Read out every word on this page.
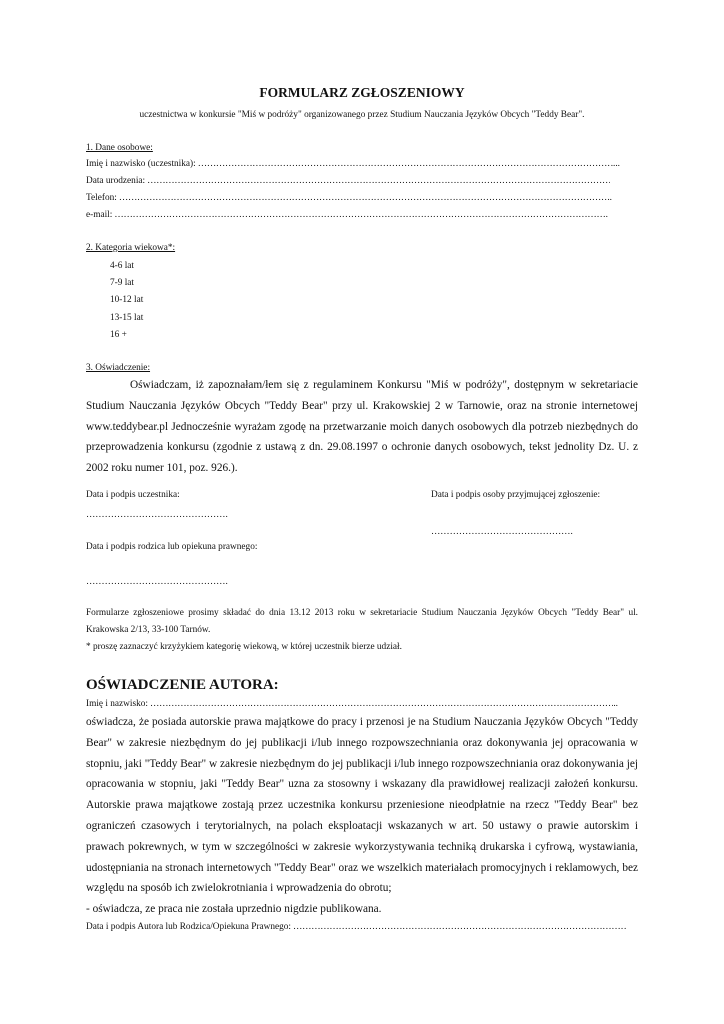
FORMULARZ ZGŁOSZENIOWY
uczestnictwa w konkursie "Miś w podróży" organizowanego przez Studium Nauczania Języków Obcych "Teddy Bear".
1. Dane osobowe:
Imię i nazwisko (uczestnika): ……………………………………………………………………………………………………………………………………………………………………………………………………………………………………………………………………………………………………………………………………………………	....
Data urodzenia:
……………………………………………………………………………………………………………………………………………………………………………………………………………………………………………………………………………………………………………………………………………………
Telefon: ……………………………………………………………………………………………………………………………………………………………………………………………………………………………………………………………………………………………………………………………………………………	..
e-mail: ……………………………………………………………………………………………………………………………………………………………………………………………………………………………………………………………………………………………………………………………………………………	.
2. Kategoria wiekowa*:
4-6 lat
7-9 lat
10-12 lat
13-15 lat
16 +
3. Oświadczenie:

Oświadczam, iż zapoznałam/łem się z regulaminem Konkursu "Miś w podróży", dostępnym w sekretariacie Studium Nauczania Języków Obcych "Teddy Bear" przy ul. Krakowskiej 2 w Tarnowie, oraz na stronie internetowej www.teddybear.pl Jednocześnie wyrażam zgodę na przetwarzanie moich danych osobowych dla potrzeb niezbędnych do przeprowadzenia konkursu (zgodnie z ustawą z dn. 29.08.1997 o ochronie danych osobowych, tekst jednolity Dz. U. z 2002 roku numer 101, poz. 926.).

Data i podpis uczestnika:
……………………………………….
Data i podpis osoby przyjmującej zgłoszenie:
……………………………………….
Data i podpis rodzica lub opiekuna prawnego:
……………………………………….
Formularze zgłoszeniowe prosimy składać do dnia 13.12 2013 roku w sekretariacie Studium Nauczania Języków Obcych "Teddy Bear" ul. Krakowska 2/13, 33-100 Tarnów.
* proszę zaznaczyć krzyżykiem kategorię wiekową, w której uczestnik bierze udział.
OŚWIADCZENIE AUTORA:
Imię i nazwisko: ……………………………………………………………………………………………………………………………………………………………………………………………………………………………………………………………………………………………………………………………………………………	..

oświadcza, że posiada autorskie prawa majątkowe do pracy i przenosi je na Studium Nauczania Języków Obcych "Teddy Bear" w zakresie niezbędnym do jej publikacji i/lub innego rozpowszechniania oraz dokonywania jej opracowania w stopniu, jaki "Teddy Bear" w zakresie niezbędnym do jej publikacji i/lub innego rozpowszechniania oraz dokonywania jej opracowania w stopniu, jaki "Teddy Bear" uzna za stosowny i wskazany dla prawidłowej realizacji założeń konkursu. Autorskie prawa majątkowe zostają przez uczestnika konkursu przeniesione nieodpłatnie na rzecz "Teddy Bear" bez ograniczeń czasowych i terytorialnych, na polach eksploatacji wskazanych w art. 50 ustawy o prawie autorskim i prawach pokrewnych, w tym w szczególności w zakresie wykorzystywania techniką drukarska i cyfrową, wystawiania, udostępniania na stronach internetowych "Teddy Bear" oraz we wszelkich materiałach promocyjnych i reklamowych, bez względu na sposób ich zwielokrotniania i wprowadzenia do obrotu;

- oświadcza, ze praca nie została uprzednio nigdzie publikowana.

Data i podpis Autora lub Rodzica/Opiekuna Prawnego:
……………………………………………………………………………………………………………………………………………………………………………………………………………………………………………………………………………………………………………………………………………………
